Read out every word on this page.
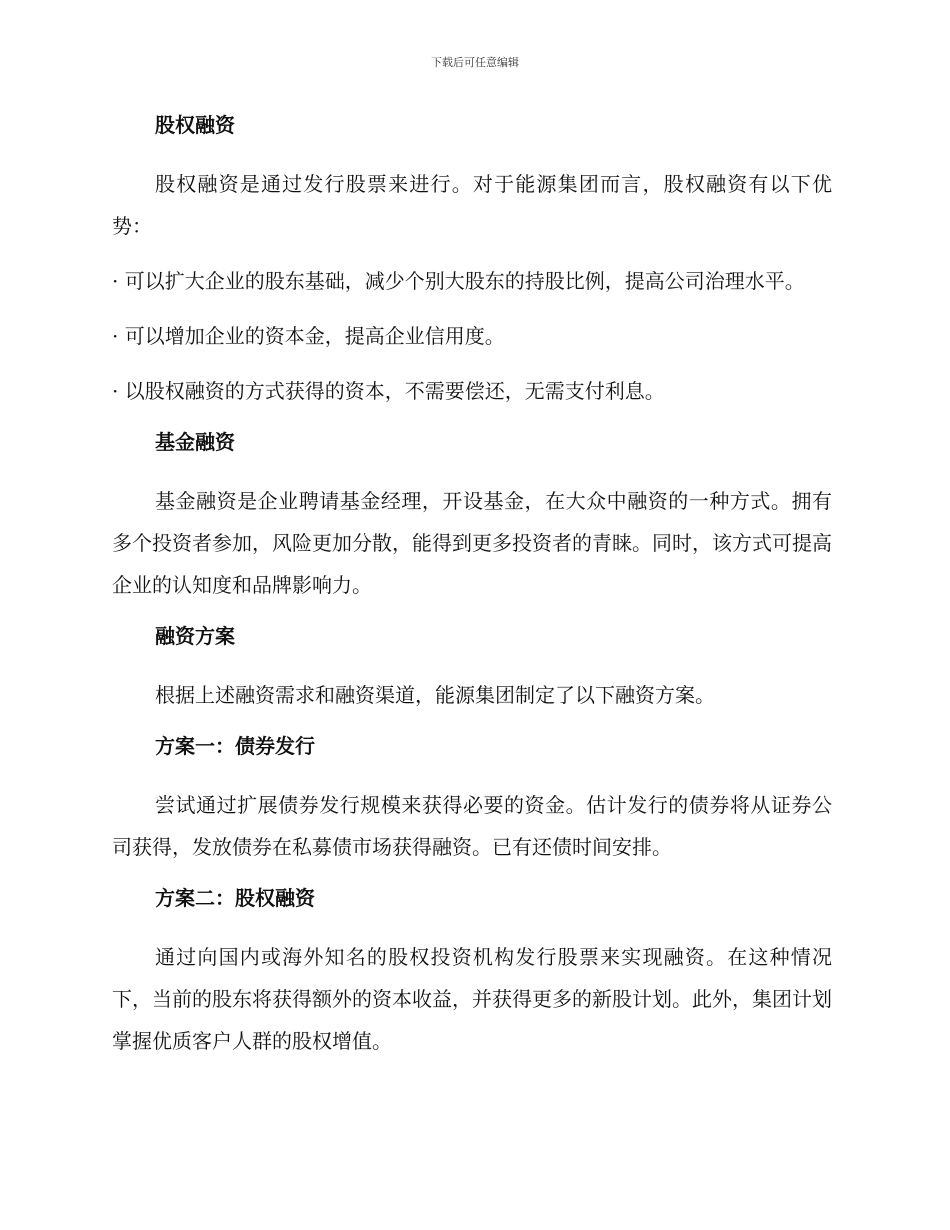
下载后可任意编辑

股权融资

股权融资是通过发行股票来进行。对于能源集团而言，股权融资有以下优势：

· 可以扩大企业的股东基础，减少个别大股东的持股比例，提高公司治理水平。

· 可以增加企业的资本金，提高企业信用度。

· 以股权融资的方式获得的资本，不需要偿还，无需支付利息。

基金融资

基金融资是企业聘请基金经理，开设基金，在大众中融资的一种方式。拥有多个投资者参加，风险更加分散，能得到更多投资者的青睐。同时，该方式可提高企业的认知度和品牌影响力。

融资方案

根据上述融资需求和融资渠道，能源集团制定了以下融资方案。

方案一：债券发行

尝试通过扩展债券发行规模来获得必要的资金。估计发行的债券将从证券公司获得，发放债券在私募债市场获得融资。已有还债时间安排。

方案二：股权融资

通过向国内或海外知名的股权投资机构发行股票来实现融资。在这种情况下，当前的股东将获得额外的资本收益，并获得更多的新股计划。此外，集团计划掌握优质客户人群的股权增值。
